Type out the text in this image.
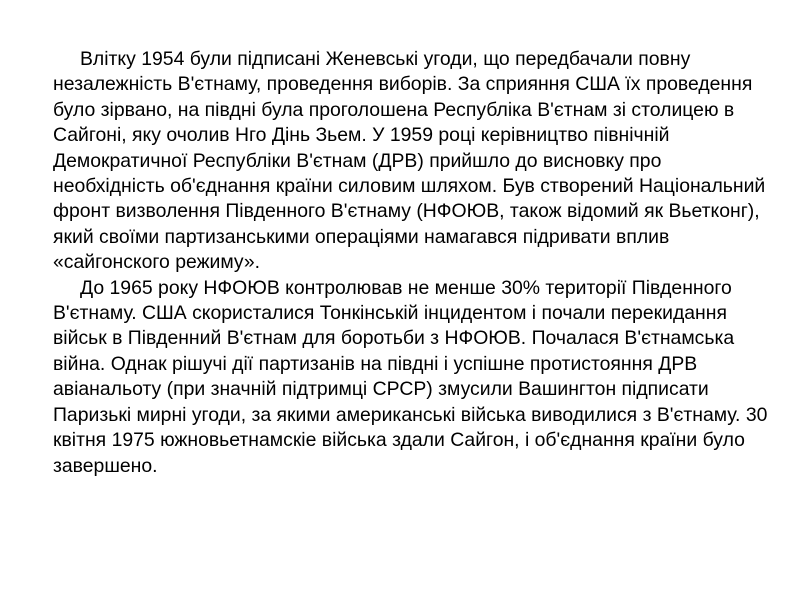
Влітку 1954 були підписані Женевські угоди, що передбачали повну незалежність В'єтнаму, проведення виборів. За сприяння США їх проведення було зірвано, на півдні була проголошена Республіка В'єтнам зі столицею в Сайгоні, яку очолив Нго Дінь Зьем. У 1959 році керівництво північній Демократичної Республіки В'єтнам (ДРВ) прийшло до висновку про необхідність об'єднання країни силовим шляхом. Був створений Національний фронт визволення Південного В'єтнаму (НФОЮВ, також відомий як Вьетконг), який своїми партизанськими операціями намагався підривати вплив «сайгонского режиму».

До 1965 року НФОЮВ контролював не менше 30% території Південного В'єтнаму. США скористалися Тонкінській інцидентом і почали перекидання військ в Південний В'єтнам для боротьби з НФОЮВ. Почалася В'єтнамська війна. Однак рішучі дії партизанів на півдні і успішне протистояння ДРВ авіанальоту (при значній підтримці СРСР) змусили Вашингтон підписати Паризькі мирні угоди, за якими американські війська виводилися з В'єтнаму. 30 квітня 1975 южновьетнамскіе війська здали Сайгон, і об'єднання країни було завершено.
